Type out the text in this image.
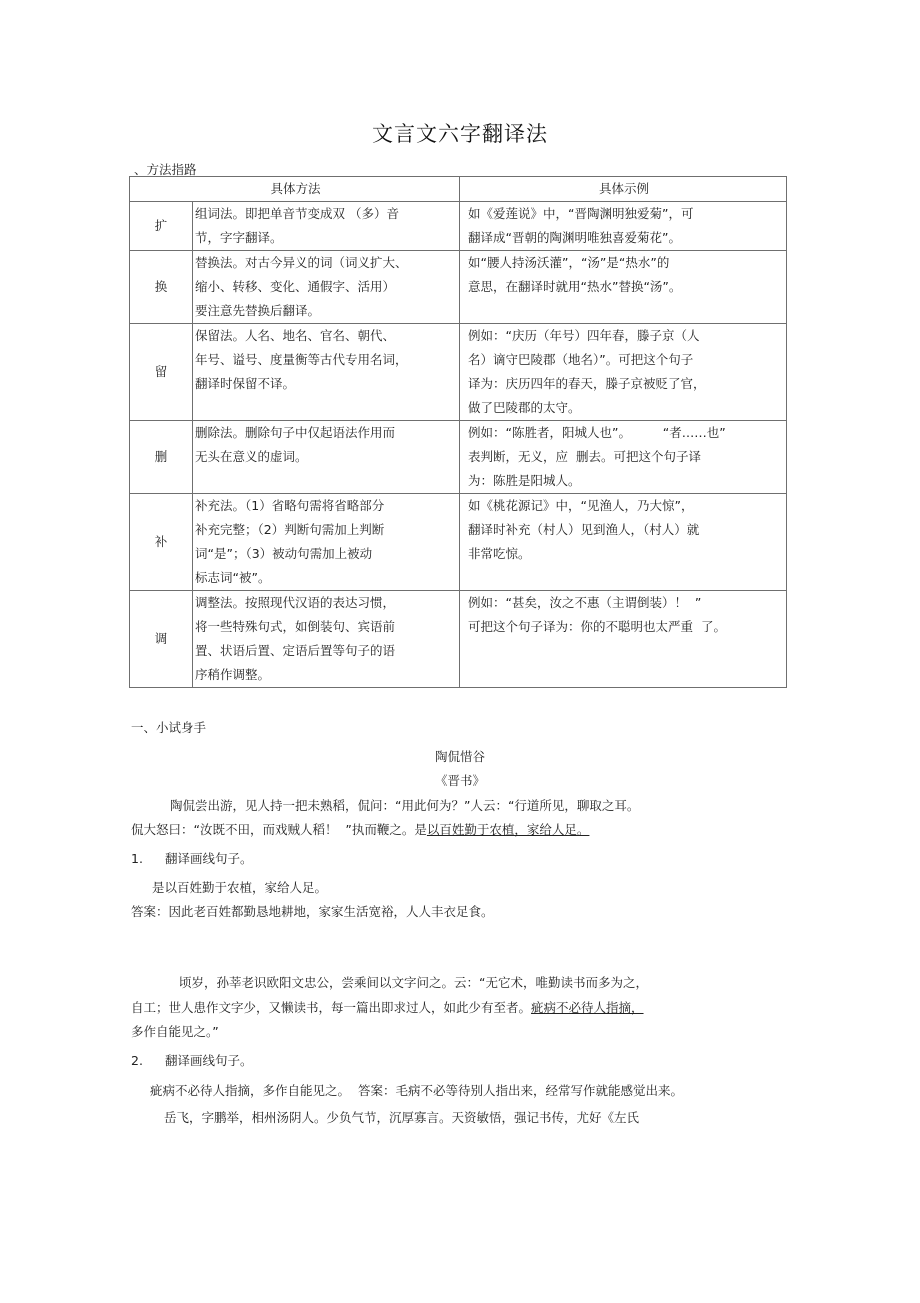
文言文六字翻译法
、方法指路
具体方法		具体示例
扩	组词法。即把单音节变成双 （多）音
节，字字翻译。	如《爱莲说》中，“晋陶渊明独爱菊”，可
翻译成“晋朝的陶渊明唯独喜爱菊花”。

换	替换法。对古今异义的词（词义扩大、
缩小、转移、变化、通假字、活用）
要注意先替换后翻译。	如“腰人持汤沃灌”，“汤”是“热水”的
意思，在翻译时就用“热水”替换“汤”。

留	保留法。人名、地名、官名、朝代、
年号、谥号、度量衡等古代专用名词，
翻译时保留不译。	例如：“庆历（年号）四年春，滕子京（人
名）谪守巴陵郡（地名）”。可把这个句子
译为：庆历四年的春天，滕子京被贬了官，
做了巴陵郡的太守。

删	删除法。删除句子中仅起语法作用而
无头在意义的虚词。	例如：“陈胜者，阳城人也”。        “者……也”
表判断，无义，应  删去。可把这个句子译
为：陈胜是阳城人。

补	补充法。（1）省略句需将省略部分
补充完整；（2）判断句需加上判断
词“是”；（3）被动句需加上被动
标志词“被”。	如《桃花源记》中，“见渔人，乃大惊”，
翻译时补充（村人）见到渔人，（村人）就
非常吃惊。

调	调整法。按照现代汉语的表达习惯，
将一些特殊句式，如倒装句、宾语前
置、状语后置、定语后置等句子的语
序稍作调整。	例如：“甚矣，汝之不惠（主谓倒装）！  ”
可把这个句子译为：你的不聪明也太严重  了。
一、小试身手
陶侃惜谷
《晋书》
陶侃尝出游，见人持一把未熟稻，侃问：“用此何为？”人云：“行道所见，聊取之耳。
侃大怒曰：“汝既不田，而戏贼人稻！  ”执而鞭之。是以百姓勤于农植，家给人足。
1. 翻译画线句子。
是以百姓勤于农植，家给人足。
答案：因此老百姓都勤恳地耕地，家家生活宽裕，人人丰衣足食。
顷岁，孙莘老识欧阳文忠公，尝乘间以文字问之。云：“无它术，唯勤读书而多为之，
自工；世人患作文字少，又懒读书，每一篇出即求过人，如此少有至者。疵病不必待人指摘，
多作自能见之。”
2. 翻译画线句子。
疵病不必待人指摘，多作自能见之。  答案：毛病不必等待别人指出来，经常写作就能感觉出来。
岳飞，字鹏举，相州汤阴人。少负气节，沉厚寡言。天资敏悟，强记书传，尤好《左氏
